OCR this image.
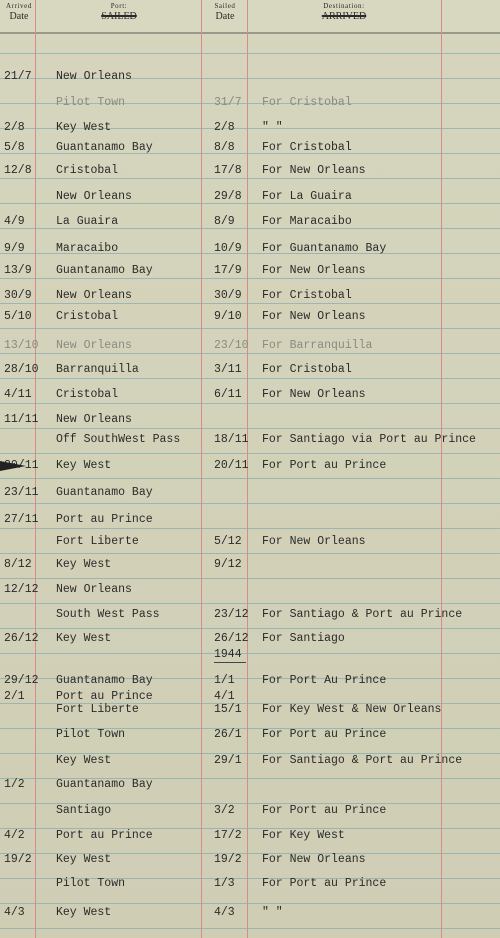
Arrived
Date
Port:
SAILED
Sailed
Date
Destination:
ARRIVED
21/7 New Orleans
Pilot Town	31/7 For Cristobal
2/8	Key West	2/8 " "
5/8	Guantanamo Bay	8/8 For Cristobal
12/8 Cristobal	17/8 For New Orleans
New Orleans	29/8 For La Guaira
4/9	La Guaira	8/9 For Maracaibo
9/9	Maracaibo	10/9 For Guantanamo Bay
13/9 Guantanamo Bay	17/9 For New Orleans
30/9 New Orleans	30/9 For Cristobal
5/10 Cristobal	9/10 For New Orleans
13/10 New Orleans	23/10 For Barranquilla
28/10 Barranquilla	3/11 For Cristobal
4/11 Cristobal	6/11 For New Orleans
11/11 New Orleans
Off SouthWest Pass	18/11 For Santiago via Port au Prince
20/11 Key West	20/11 For Port au Prince
23/11 Guantanamo Bay
27/11 Port au Prince
Fort Liberte	5/12 For New Orleans
8/12 Key West	9/12
12/12 New Orleans
South West Pass	23/12 For Santiago & Port au Prince
26/12 Key West	26/12 For Santiago
29/12 Guantanamo Bay	1/1 For Port Au Prince
2/1	Port au Prince	4/1
Fort Liberte	15/1 For Key West & New Orleans
Pilot Town	26/1 For Port au Prince
Key West	29/1 For Santiago & Port au Prince
1/2	Guantanamo Bay
Santiago	3/2 For Port au Prince
4/2	Port au Prince	17/2 For Key West
19/2 Key West	19/2 For New Orleans
Pilot Town	1/3 For Port au Prince
4/3	Key West	4/3 " "
1944
